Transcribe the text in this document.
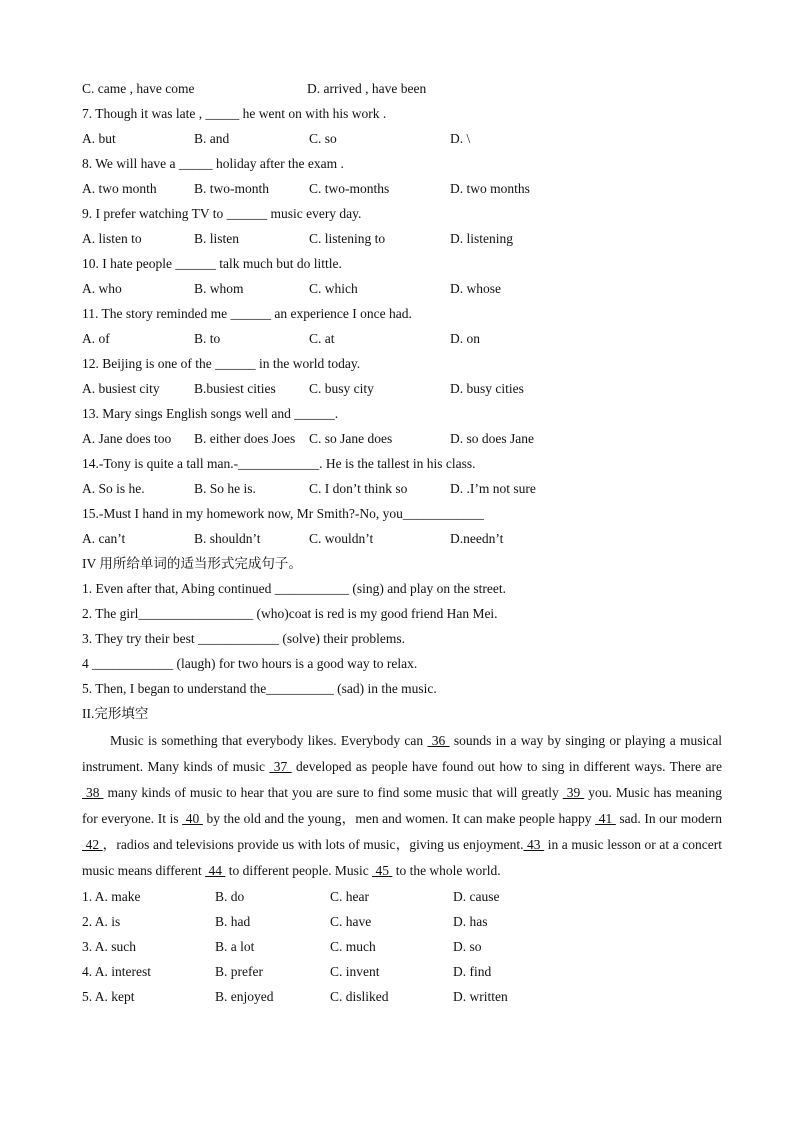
C. came , have come	D. arrived , have been
7. Though it was late , _____ he went on with his work .
A. but	B. and	C. so	D. \
8. We will have a _____ holiday after the exam .
A. two month	B. two-month	C. two-months	D. two months
9. I prefer watching TV to ______ music every day.
A. listen to	B. listen	C. listening to	D. listening
10. I hate people ______ talk much but do little.
A. who	B. whom	C. which	D. whose
11. The story reminded me ______ an experience I once had.
A. of	B. to	C. at	D. on
12. Beijing is one of the ______ in the world today.
A. busiest city	B.busiest cities C. busy city	D. busy cities
13. Mary sings English songs well and ______.
A. Jane does too B. either does Joes C. so Jane does	D. so does Jane
14.-Tony is quite a tall man.-____________. He is the tallest in his class.
A. So is he.	B. So he is.	C. I don’t think so	D. .I’m not sure
15.-Must I hand in my homework now, Mr Smith?-No, you____________
A. can’t	B. shouldn’t	C. wouldn’t	D.needn’t
IV 用所给单词的适当形式完成句子。
1. Even after that, Abing continued ___________ (sing) and play on the street.
2. The girl_________________ (who)coat is red is my good friend Han Mei.
3. They try their best ____________ (solve) their problems.
4 ____________ (laugh) for two hours is a good way to relax.
5. Then, I began to understand the__________ (sad) in the music.
II.完形填空
Music is something that everybody likes. Everybody can  36  sounds in a way by singing or playing a musical instrument. Many kinds of music  37  developed as people have found out how to sing in different ways. There are  38  many kinds of music to hear that you are sure to find some music that will greatly  39  you. Music has meaning for everyone. It is  40  by the old and the young，men and women. It can make people happy  41  sad. In our modern  42 ，radios and televisions provide us with lots of music，giving us enjoyment. 43  in a music lesson or at a concert music means different  44  to different people. Music  45  to the whole world.
1. A. make	B. do	C. hear	D. cause
2. A. is	B. had	C. have	D. has
3. A. such	B. a lot	C. much	D. so
4. A. interest	B. prefer	C. invent	D. find
5. A. kept	B. enjoyed	C. disliked	D. written
